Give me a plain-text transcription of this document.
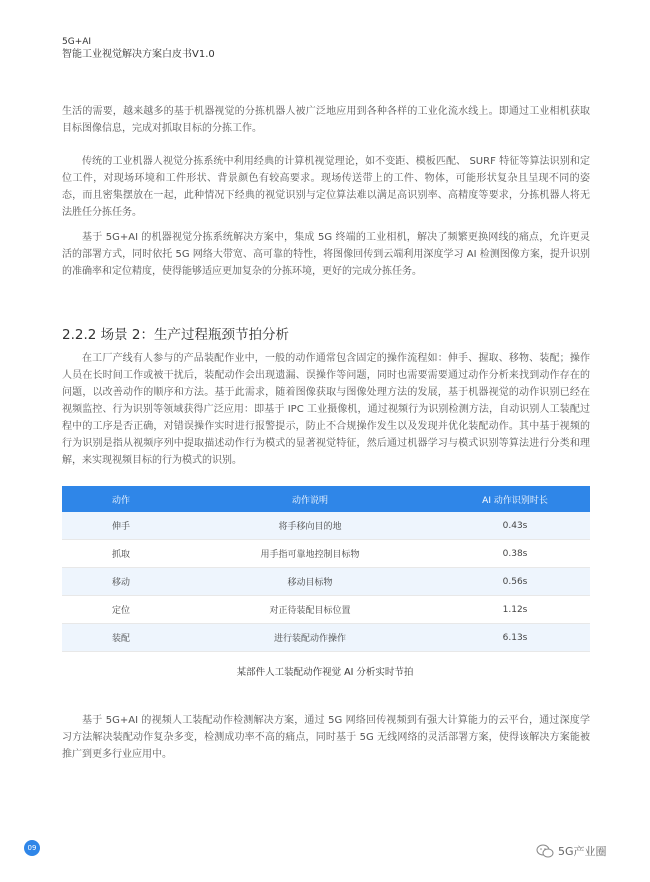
5G+AI
智能工业视觉解决方案白皮书V1.0

生活的需要，越来越多的基于机器视觉的分拣机器人被广泛地应用到各种各样的工业化流水线上。即通过工业相机获取目标图像信息，完成对抓取目标的分拣工作。

传统的工业机器人视觉分拣系统中利用经典的计算机视觉理论，如不变距、模板匹配、 SURF 特征等算法识别和定位工件，对现场环境和工件形状、背景颜色有较高要求。现场传送带上的工件、物体，可能形状复杂且呈现不同的姿态，而且密集摆放在一起，此种情况下经典的视觉识别与定位算法难以满足高识别率、高精度等要求，分拣机器人将无法胜任分拣任务。

基于 5G+AI 的机器视觉分拣系统解决方案中，集成 5G 终端的工业相机，解决了频繁更换网线的痛点，允许更灵活的部署方式，同时依托 5G 网络大带宽、高可靠的特性，将图像回传到云端利用深度学习 AI 检测图像方案，提升识别的准确率和定位精度，使得能够适应更加复杂的分拣环境，更好的完成分拣任务。

2.2.2 场景 2：生产过程瓶颈节拍分析

在工厂产线有人参与的产品装配作业中，一般的动作通常包含固定的操作流程如：伸手、握取、移物、装配；操作人员在长时间工作或被干扰后，装配动作会出现遗漏、误操作等问题，同时也需要需要通过动作分析来找到动作存在的问题，以改善动作的顺序和方法。基于此需求，随着图像获取与图像处理方法的发展，基于机器视觉的动作识别已经在视频监控、行为识别等领域获得广泛应用：即基于 IPC 工业摄像机，通过视频行为识别检测方法，自动识别人工装配过程中的工序是否正确，对错误操作实时进行报警提示，防止不合规操作发生以及发现并优化装配动作。其中基于视频的行为识别是指从视频序列中提取描述动作行为模式的显著视觉特征，然后通过机器学习与模式识别等算法进行分类和理解，来实现视频目标的行为模式的识别。

动作	动作说明	AI 动作识别时长
伸手	将手移向目的地	0.43s
抓取	用手指可靠地控制目标物	0.38s
移动	移动目标物	0.56s
定位	对正待装配目标位置	1.12s
装配	进行装配动作操作	6.13s
某部件人工装配动作视觉 AI 分析实时节拍

基于 5G+AI 的视频人工装配动作检测解决方案，通过 5G 网络回传视频到有强大计算能力的云平台，通过深度学习方法解决装配动作复杂多变，检测成功率不高的痛点，同时基于 5G 无线网络的灵活部署方案，使得该解决方案能被推广到更多行业应用中。

09	5G产业圈
